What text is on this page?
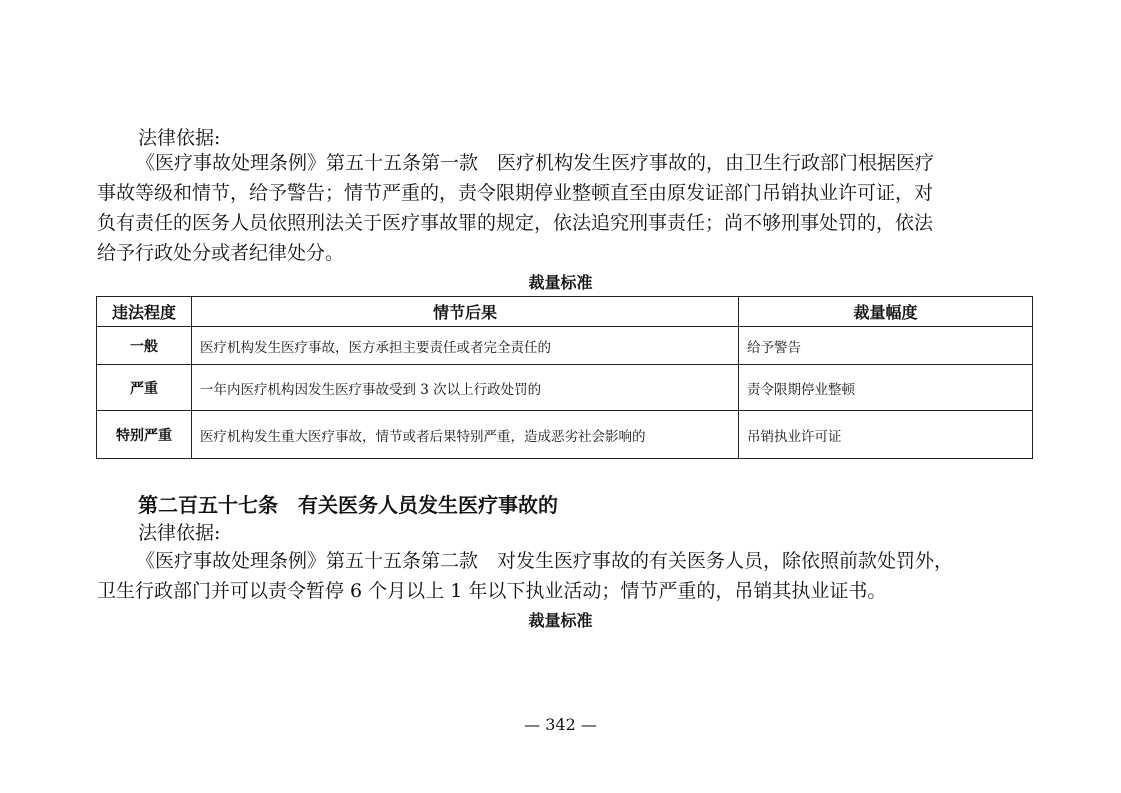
法律依据:
《医疗事故处理条例》第五十五条第一款　医疗机构发生医疗事故的，由卫生行政部门根据医疗
事故等级和情节，给予警告；情节严重的，责令限期停业整顿直至由原发证部门吊销执业许可证，对
负有责任的医务人员依照刑法关于医疗事故罪的规定，依法追究刑事责任；尚不够刑事处罚的，依法
给予行政处分或者纪律处分。
裁量标准
违法程度	情节后果	裁量幅度
一般	医疗机构发生医疗事故，医方承担主要责任或者完全责任的	给予警告
严重	一年内医疗机构因发生医疗事故受到 3 次以上行政处罚的	责令限期停业整顿
特别严重	医疗机构发生重大医疗事故，情节或者后果特别严重，造成恶劣社会影响的	吊销执业许可证
第二百五十七条　有关医务人员发生医疗事故的
法律依据:
《医疗事故处理条例》第五十五条第二款　对发生医疗事故的有关医务人员，除依照前款处罚外，
卫生行政部门并可以责令暂停 6 个月以上 1 年以下执业活动；情节严重的，吊销其执业证书。
裁量标准
— 342 —
